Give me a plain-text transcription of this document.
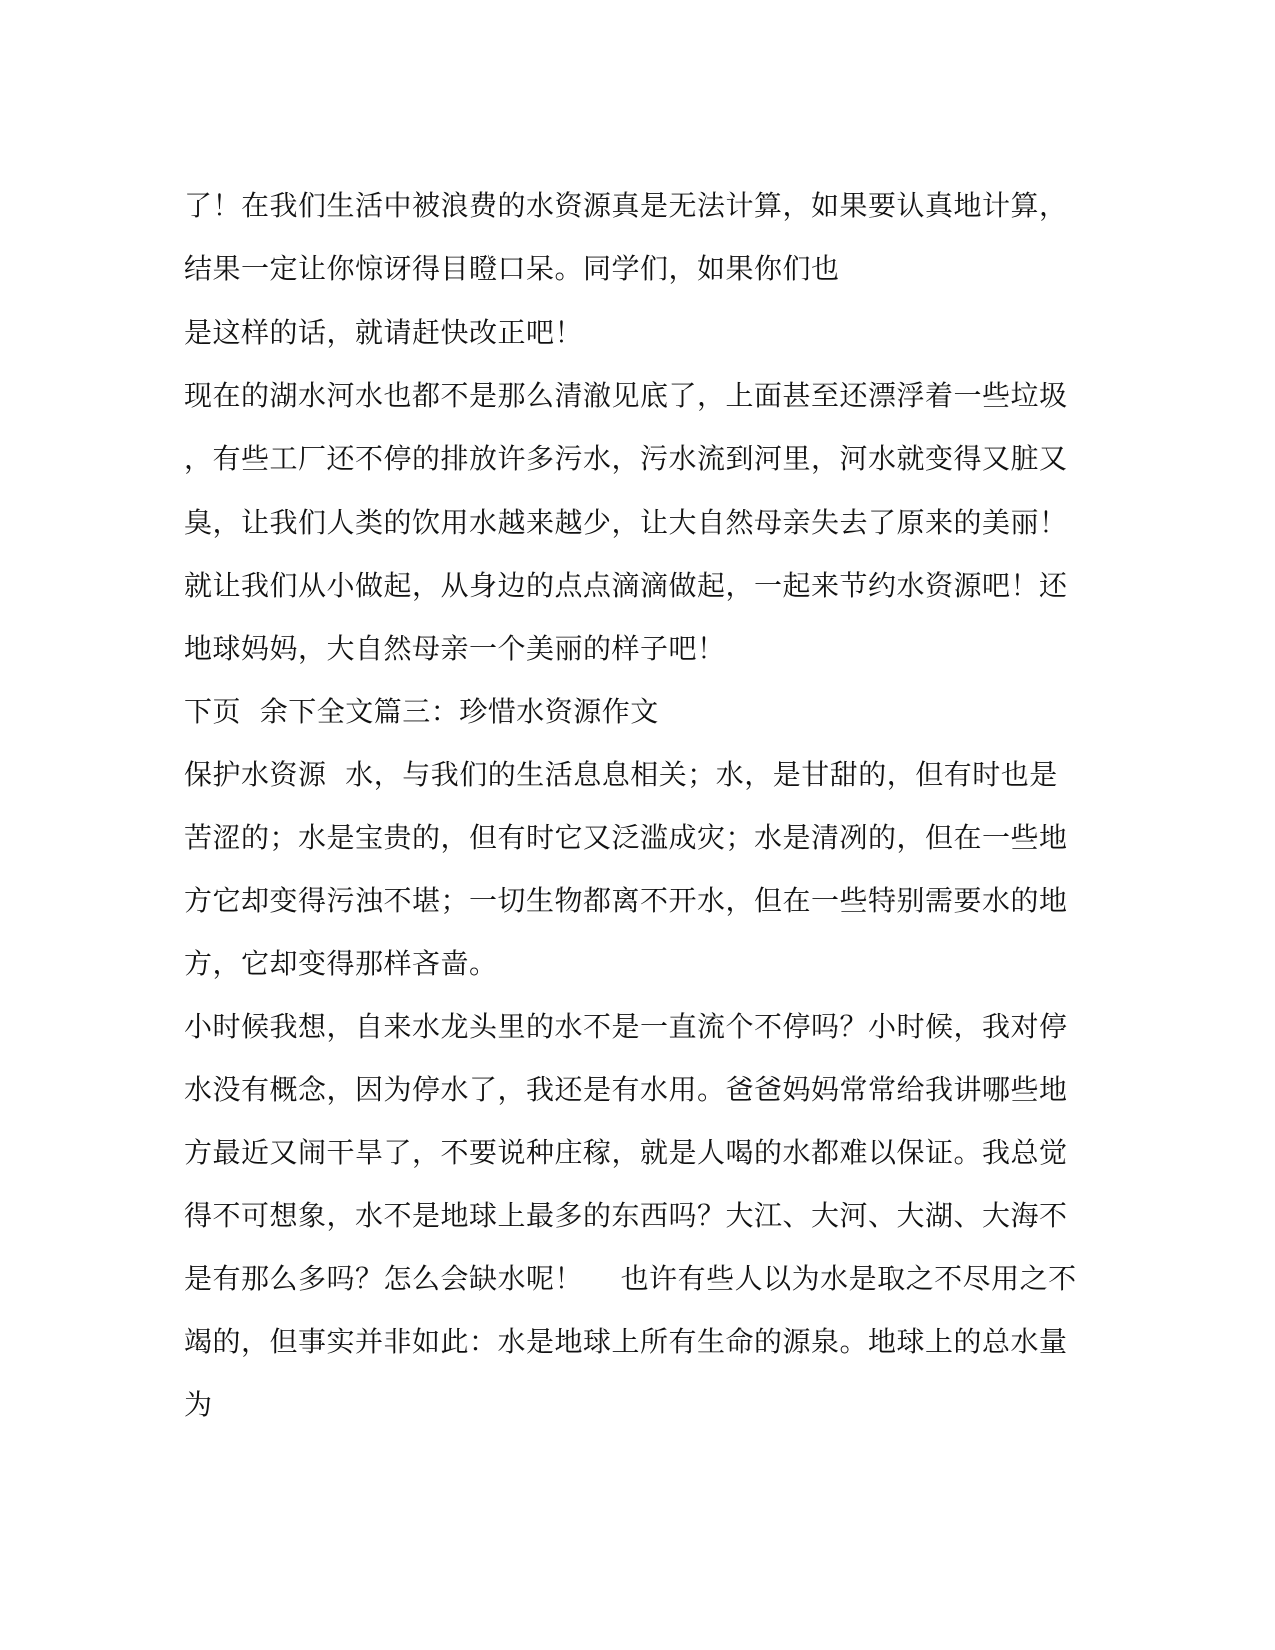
了！在我们生活中被浪费的水资源真是无法计算，如果要认真地计算，
结果一定让你惊讶得目瞪口呆。同学们，如果你们也
是这样的话，就请赶快改正吧！
现在的湖水河水也都不是那么清澈见底了，上面甚至还漂浮着一些垃圾
，有些工厂还不停的排放许多污水，污水流到河里，河水就变得又脏又
臭，让我们人类的饮用水越来越少，让大自然母亲失去了原来的美丽！
就让我们从小做起，从身边的点点滴滴做起，一起来节约水资源吧！还
地球妈妈，大自然母亲一个美丽的样子吧！
下页  余下全文篇三：珍惜水资源作文
保护水资源  水，与我们的生活息息相关；水，是甘甜的，但有时也是
苦涩的；水是宝贵的，但有时它又泛滥成灾；水是清冽的，但在一些地
方它却变得污浊不堪；一切生物都离不开水，但在一些特别需要水的地
方，它却变得那样吝啬。
小时候我想，自来水龙头里的水不是一直流个不停吗？小时候，我对停
水没有概念，因为停水了，我还是有水用。爸爸妈妈常常给我讲哪些地
方最近又闹干旱了，不要说种庄稼，就是人喝的水都难以保证。我总觉
得不可想象，水不是地球上最多的东西吗？大江、大河、大湖、大海不
是有那么多吗？怎么会缺水呢！    也许有些人以为水是取之不尽用之不
竭的，但事实并非如此：水是地球上所有生命的源泉。地球上的总水量
为
